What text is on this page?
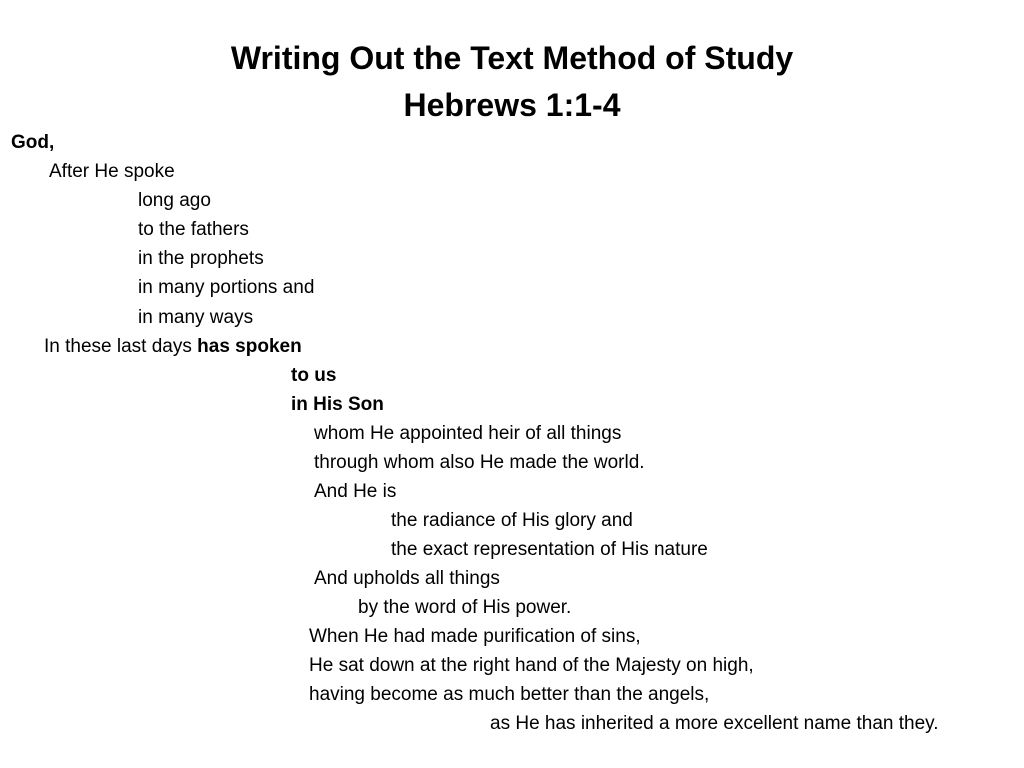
Writing Out the Text Method of Study
Hebrews 1:1-4
God,
After He spoke
long ago
to the fathers
in the prophets
in many portions and
in many ways
In these last days has spoken
to us
in His Son
whom He appointed heir of all things
through whom also He made the world.
And He is
the radiance of His glory and
the exact representation of His nature
And upholds all things
by the word of His power.
When He had made purification of sins,
He sat down at the right hand of the Majesty on high,
having become as much better than the angels,
as He has inherited a more excellent name than they.
